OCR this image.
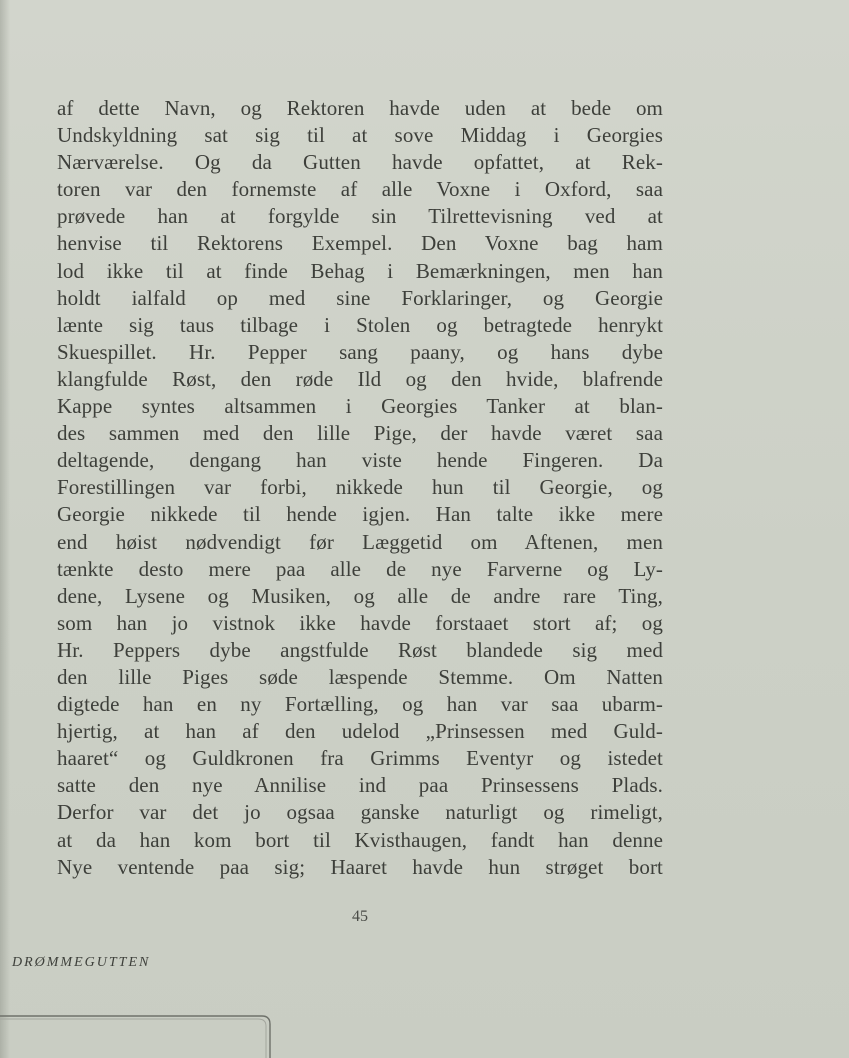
af dette Navn, og Rektoren havde uden at bede om
Undskyldning sat sig til at sove Middag i Georgies
Nærværelse. Og da Gutten havde opfattet, at Rek-
toren var den fornemste af alle Voxne i Oxford, saa
prøvede han at forgylde sin Tilrettevisning ved at
henvise til Rektorens Exempel. Den Voxne bag ham
lod ikke til at finde Behag i Bemærkningen, men han
holdt ialfald op med sine Forklaringer, og Georgie
lænte sig taus tilbage i Stolen og betragtede henrykt
Skuespillet. Hr. Pepper sang paany, og hans dybe
klangfulde Røst, den røde Ild og den hvide, blafrende
Kappe syntes altsammen i Georgies Tanker at blan-
des sammen med den lille Pige, der havde været saa
deltagende, dengang han viste hende Fingeren. Da
Forestillingen var forbi, nikkede hun til Georgie, og
Georgie nikkede til hende igjen. Han talte ikke mere
end høist nødvendigt før Læggetid om Aftenen, men
tænkte desto mere paa alle de nye Farverne og Ly-
dene, Lysene og Musiken, og alle de andre rare Ting,
som han jo vistnok ikke havde forstaaet stort af; og
Hr. Peppers dybe angstfulde Røst blandede sig med
den lille Piges søde læspende Stemme. Om Natten
digtede han en ny Fortælling, og han var saa ubarm-
hjertig, at han af den udelod „Prinsessen med Guld-
haaret“ og Guldkronen fra Grimms Eventyr og istedet
satte den nye Annilise ind paa Prinsessens Plads.
Derfor var det jo ogsaa ganske naturligt og rimeligt,
at da han kom bort til Kvisthaugen, fandt han denne
Nye ventende paa sig; Haaret havde hun strøget bort
45
DRØMMEGUTTEN
